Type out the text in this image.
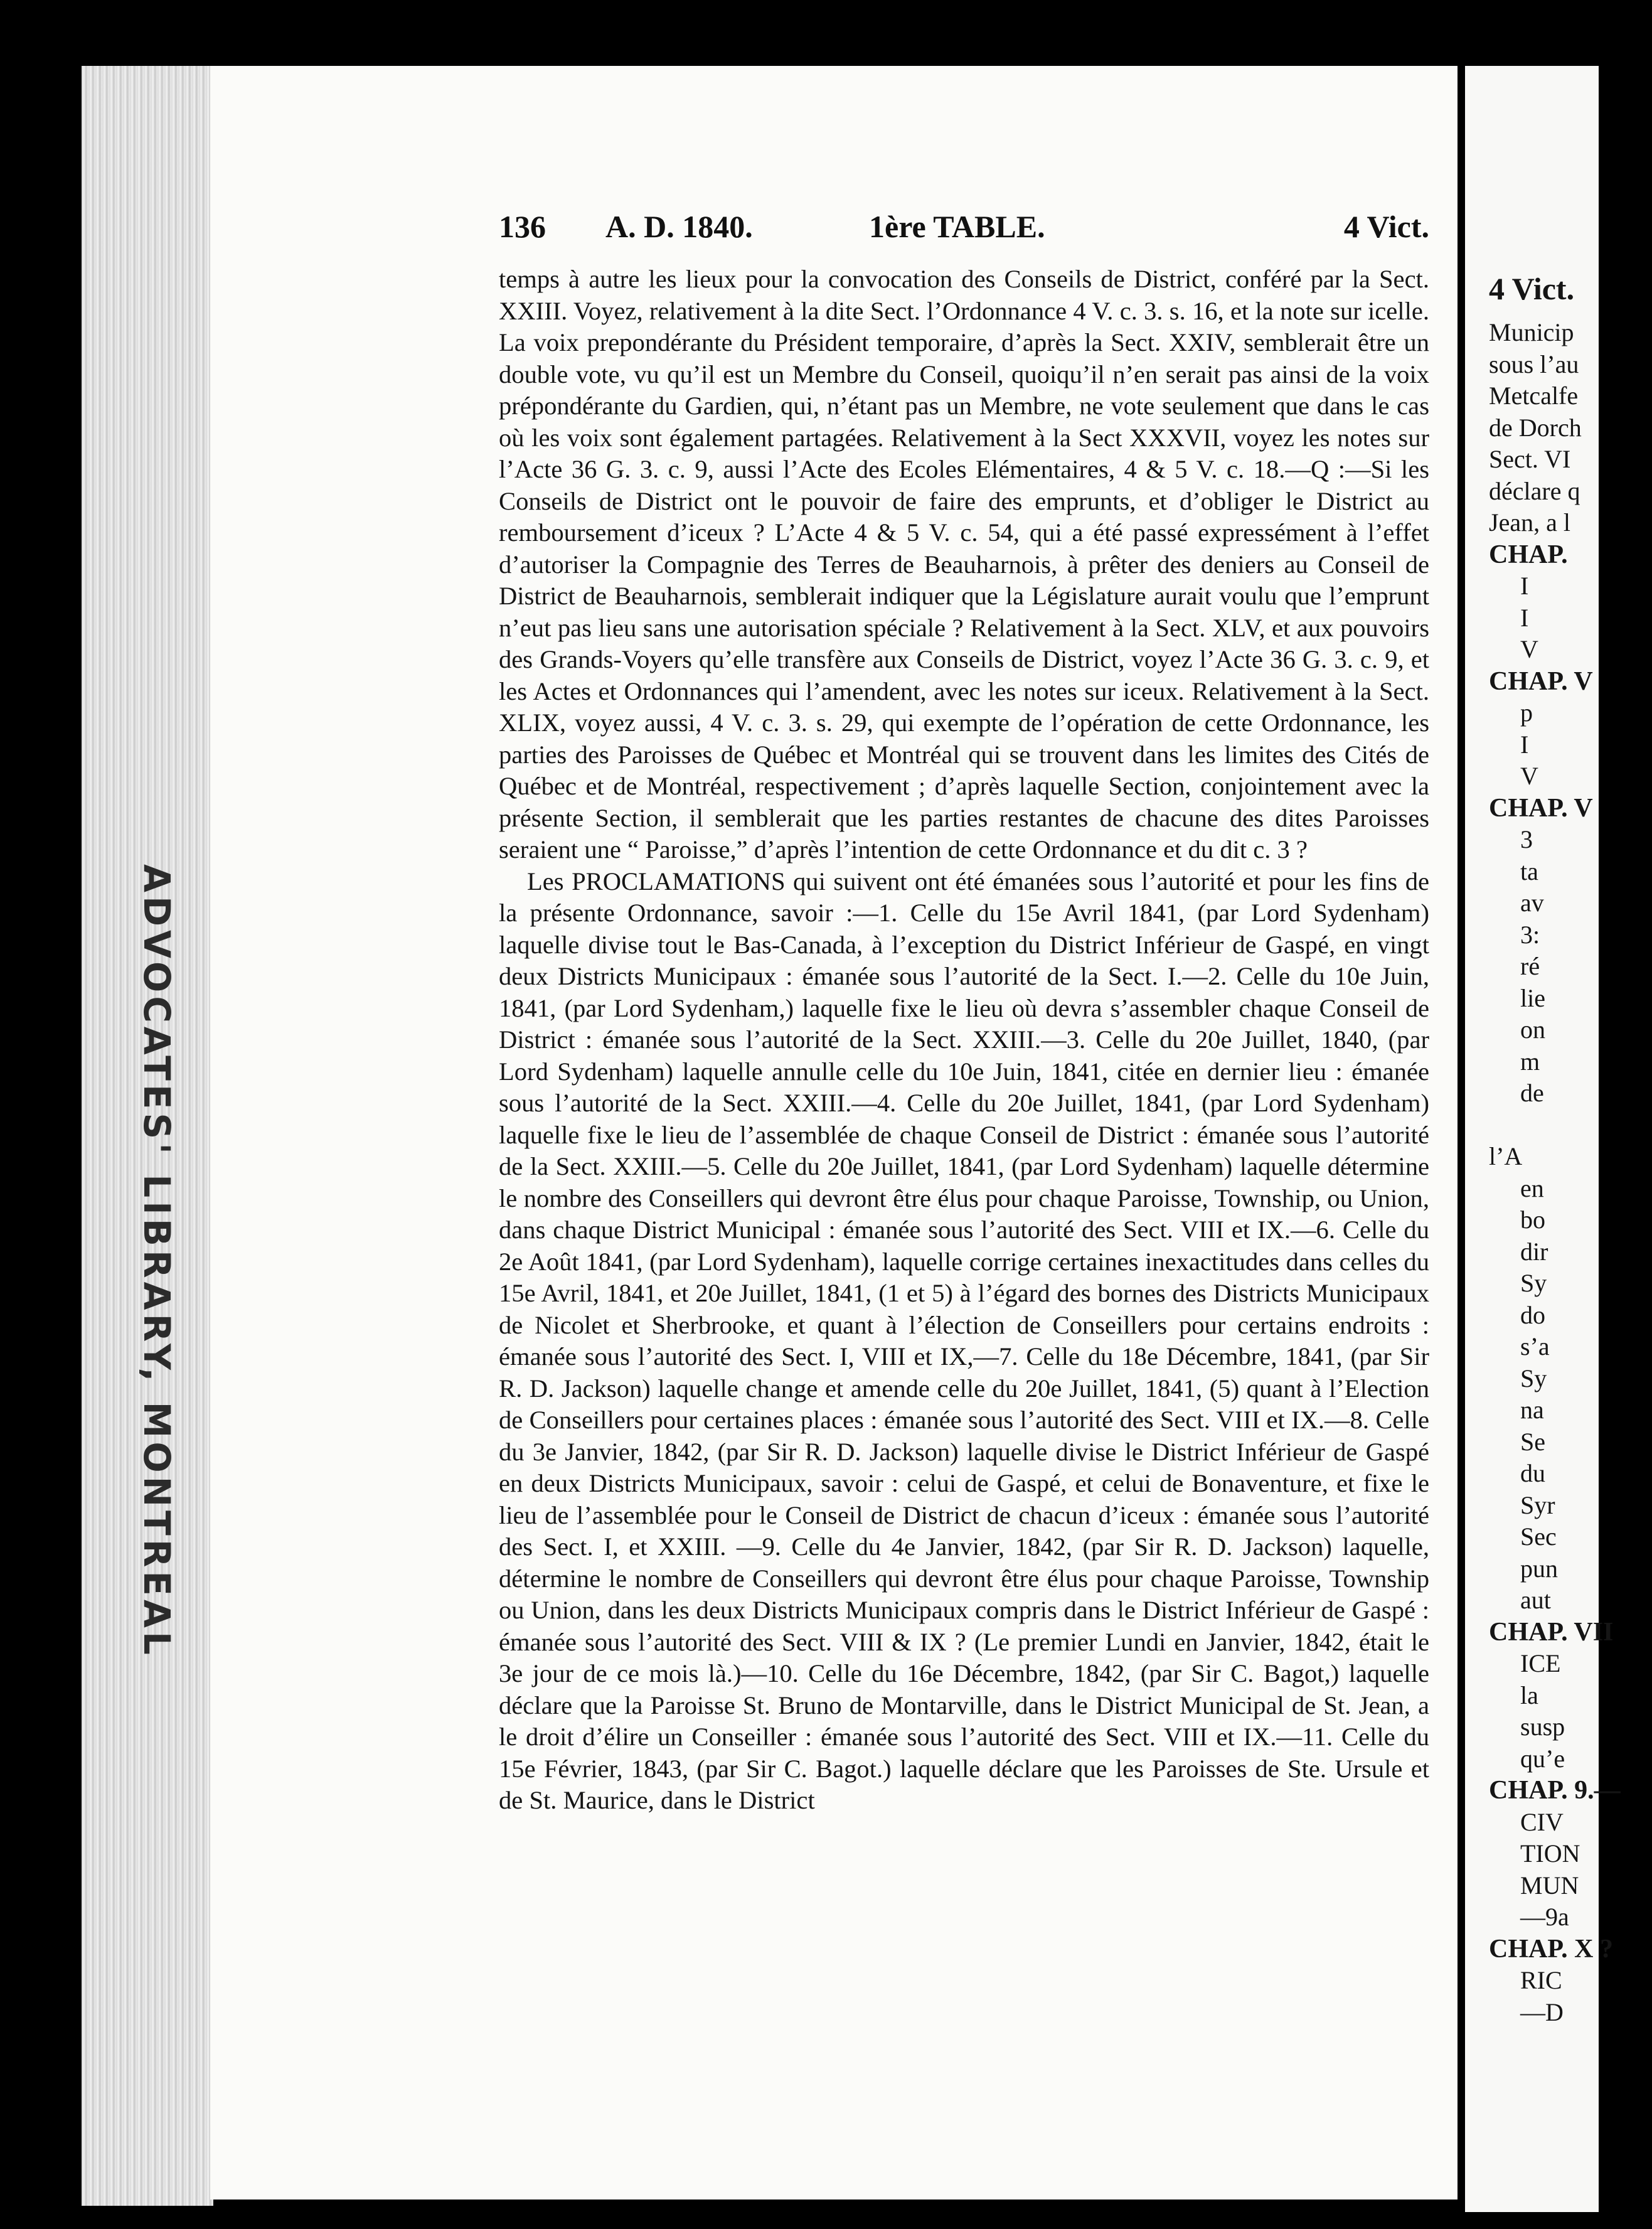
ADVOCATES' LIBRARY, MONTREAL
136 A. D. 1840.	1ère TABLE.	4 Vict.

temps à autre les lieux pour la convocation des Conseils de District, conféré par la Sect. XXIII. Voyez, relativement à la dite Sect. l’Ordonnance 4 V. c. 3. s. 16, et la note sur icelle. La voix prepondérante du Président temporaire, d’après la Sect. XXIV, semblerait être un double vote, vu qu’il est un Membre du Conseil, quoiqu’il n’en serait pas ainsi de la voix prépondérante du Gardien, qui, n’étant pas un Membre, ne vote seulement que dans le cas où les voix sont également partagées. Relativement à la Sect XXXVII, voyez les notes sur l’Acte 36 G. 3. c. 9, aussi l’Acte des Ecoles Elémentaires, 4 & 5 V. c. 18.—Q :—Si les Conseils de District ont le pouvoir de faire des emprunts, et d’obliger le District au remboursement d’iceux ? L’Acte 4 & 5 V. c. 54, qui a été passé expressément à l’effet d’autoriser la Compagnie des Terres de Beauharnois, à prêter des deniers au Conseil de District de Beauharnois, semblerait indiquer que la Législature aurait voulu que l’emprunt n’eut pas lieu sans une autorisation spéciale ? Relativement à la Sect. XLV, et aux pouvoirs des Grands-Voyers qu’elle transfère aux Conseils de District, voyez l’Acte 36 G. 3. c. 9, et les Actes et Ordonnances qui l’amendent, avec les notes sur iceux. Relativement à la Sect. XLIX, voyez aussi, 4 V. c. 3. s. 29, qui exempte de l’opération de cette Ordonnance, les parties des Paroisses de Québec et Montréal qui se trouvent dans les limites des Cités de Québec et de Montréal, respectivement ; d’après laquelle Section, conjointement avec la présente Section, il semblerait que les parties restantes de chacune des dites Paroisses seraient une “ Paroisse,” d’après l’intention de cette Ordonnance et du dit c. 3 ?

Les PROCLAMATIONS qui suivent ont été émanées sous l’autorité et pour les fins de la présente Ordonnance, savoir :—1. Celle du 15e Avril 1841, (par Lord Sydenham) laquelle divise tout le Bas-Canada, à l’exception du District Inférieur de Gaspé, en vingt deux Districts Municipaux : émanée sous l’autorité de la Sect. I.—2. Celle du 10e Juin, 1841, (par Lord Sydenham,) laquelle fixe le lieu où devra s’assembler chaque Conseil de District : émanée sous l’autorité de la Sect. XXIII.—3. Celle du 20e Juillet, 1840, (par Lord Sydenham) laquelle annulle celle du 10e Juin, 1841, citée en dernier lieu : émanée sous l’autorité de la Sect. XXIII.—4. Celle du 20e Juillet, 1841, (par Lord Sydenham) laquelle fixe le lieu de l’assemblée de chaque Conseil de District : émanée sous l’autorité de la Sect. XXIII.—5. Celle du 20e Juillet, 1841, (par Lord Sydenham) laquelle détermine le nombre des Conseillers qui devront être élus pour chaque Paroisse, Township, ou Union, dans chaque District Municipal : émanée sous l’autorité des Sect. VIII et IX.—6. Celle du 2e Août 1841, (par Lord Sydenham), laquelle corrige certaines inexactitudes dans celles du 15e Avril, 1841, et 20e Juillet, 1841, (1 et 5) à l’égard des bornes des Districts Municipaux de Nicolet et Sherbrooke, et quant à l’élection de Conseillers pour certains endroits : émanée sous l’autorité des Sect. I, VIII et IX,—7. Celle du 18e Décembre, 1841, (par Sir R. D. Jackson) laquelle change et amende celle du 20e Juillet, 1841, (5) quant à l’Election de Conseillers pour certaines places : émanée sous l’autorité des Sect. VIII et IX.—8. Celle du 3e Janvier, 1842, (par Sir R. D. Jackson) laquelle divise le District Inférieur de Gaspé en deux Districts Municipaux, savoir : celui de Gaspé, et celui de Bonaventure, et fixe le lieu de l’assemblée pour le Conseil de District de chacun d’iceux : émanée sous l’autorité des Sect. I, et XXIII. —9. Celle du 4e Janvier, 1842, (par Sir R. D. Jackson) laquelle, détermine le nombre de Conseillers qui devront être élus pour chaque Paroisse, Township ou Union, dans les deux Districts Municipaux compris dans le District Inférieur de Gaspé : émanée sous l’autorité des Sect. VIII & IX ? (Le premier Lundi en Janvier, 1842, était le 3e jour de ce mois là.)—10. Celle du 16e Décembre, 1842, (par Sir C. Bagot,) laquelle déclare que la Paroisse St. Bruno de Montarville, dans le District Municipal de St. Jean, a le droit d’élire un Conseiller : émanée sous l’autorité des Sect. VIII et IX.—11. Celle du 15e Février, 1843, (par Sir C. Bagot.) laquelle déclare que les Paroisses de Ste. Ursule et de St. Maurice, dans le District

4 Vict.
Municip
sous l’au
Metcalfe
de Dorch
Sect. VI
déclare q
Jean, a l
CHAP.
I
I
V
CHAP. V
p
I
V
CHAP. V
3
ta
av
3:
ré
lie
on
m
de
l’A
en
bo
dir
Sy
do
s’a
Sy
na
Se
du
Syr
Sec
pun
aut
CHAP. VII
ICE
la
susp
qu’e
CHAP. 9.—
CIV
TION
MUN
—9a
CHAP. X ?
RIC
—D
